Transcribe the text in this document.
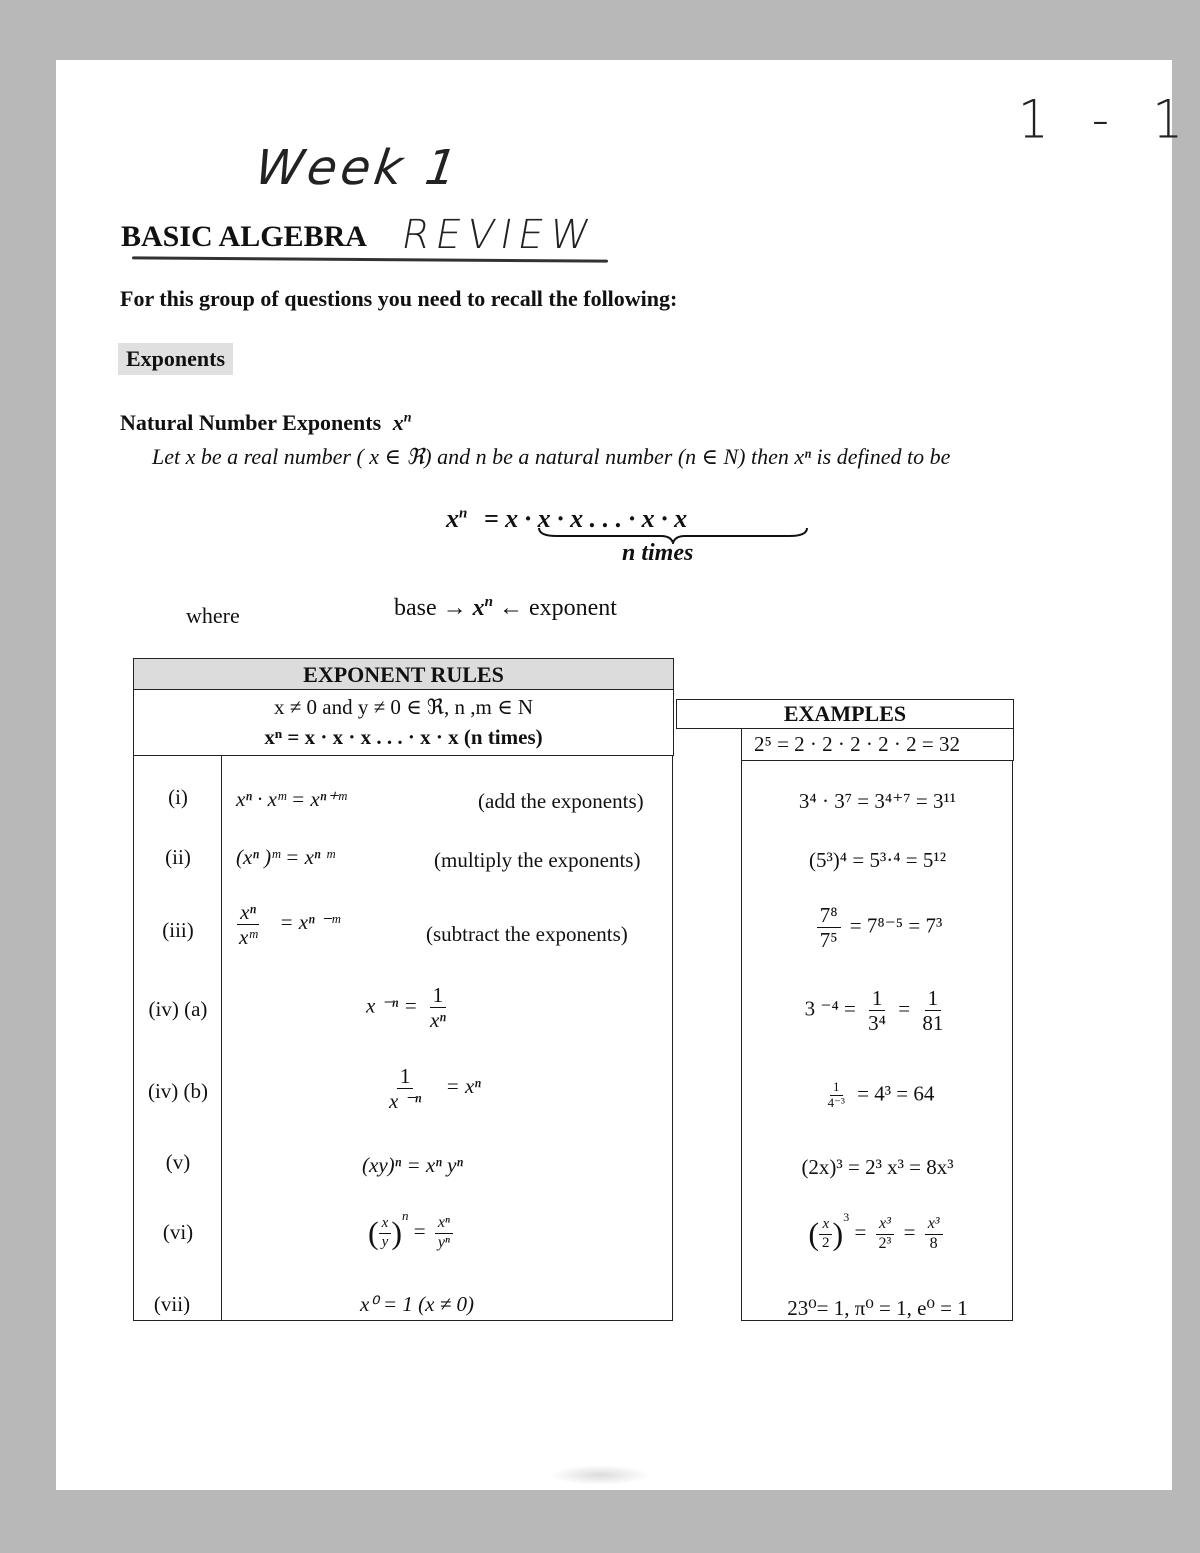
1 - 1
Week 1
BASIC ALGEBRA REVIEW
For this group of questions you need to recall the following:
Exponents
Natural Number Exponents $x^n$
Let x be a real number ( x ∈ ℜ) and n be a natural number (n ∈ N) then xⁿ is defined to be
$x^n = x \cdot x \cdot x$ . . . · x · x
n times
where	base → $x^n$ ← exponent
EXPONENT RULES
x ≠ 0 and y ≠ 0 ∈ ℜ, n ,m ∈ N
xⁿ = x · x · x . . . · x · x (n times)
EXAMPLES
2⁵ = 2 · 2 · 2 · 2 · 2 = 32
(i)	xⁿ · xᵐ = xⁿ⁺ᵐ	(add the exponents)	3⁴ · 3⁷ = 3⁴⁺⁷ = 3¹¹
(ii)	(xⁿ )ᵐ = xⁿ ᵐ	(multiply the exponents)	(5³)⁴ = 5³·⁴ = 5¹²
(iii)	$\frac{\text{xⁿ}}{\text{xᵐ}} = x^n$ ⁻ᵐ	(subtract the exponents)	$\frac{\text{7⁸}}{\text{7⁵}} = 7^{8-5} = 7^3$
(iv) (a)	x $^{-n} = \frac{1}{\text{xⁿ}}$	3 $^{-4} = \frac{1}{\text{3⁴}} = \frac{1}{81}$
(iv) (b)	$\frac{1}{\text{x ⁻ⁿ}} = x^n$	$\frac{1}{\text{4⁻³}} = 4^3 = 64$
(v)	(xy)ⁿ = xⁿ yⁿ	(2x)³ = 2³ x³ = 8x³
(vi)	( $\frac{x}{y} )^n = \frac{\text{xⁿ}}{\text{yⁿ}}$	( $\frac{x}{2} )^3 = \frac{\text{x³}}{\text{2³}} = \frac{\text{x³}}{8}$
(vii)	x⁰ = 1 (x ≠ 0)	23⁰= 1, π⁰ = 1, e⁰ = 1
